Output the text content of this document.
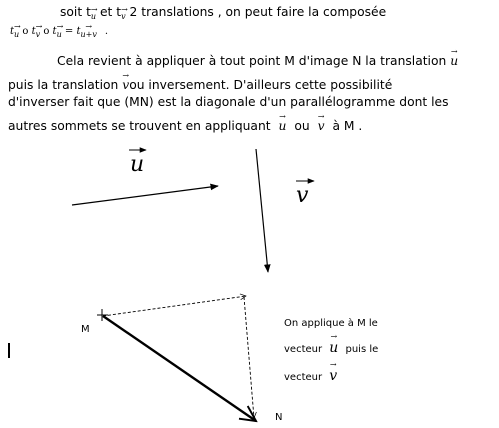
soit tu → et tv → 2 translations , on peut faire la composée
tu → o tv → o tu → = tu+v → .
Cela revient à appliquer à tout point M d'image N la translation u →
puis la translation v →ou inversement. D'ailleurs cette possibilité
d'inverser fait que (MN) est la diagonale d'un parallélogramme dont les
autres sommets se trouvent en appliquant u → ou v → à M .
u
v
M
N
On applique à M le
vecteur u → puis le
vecteur v →
